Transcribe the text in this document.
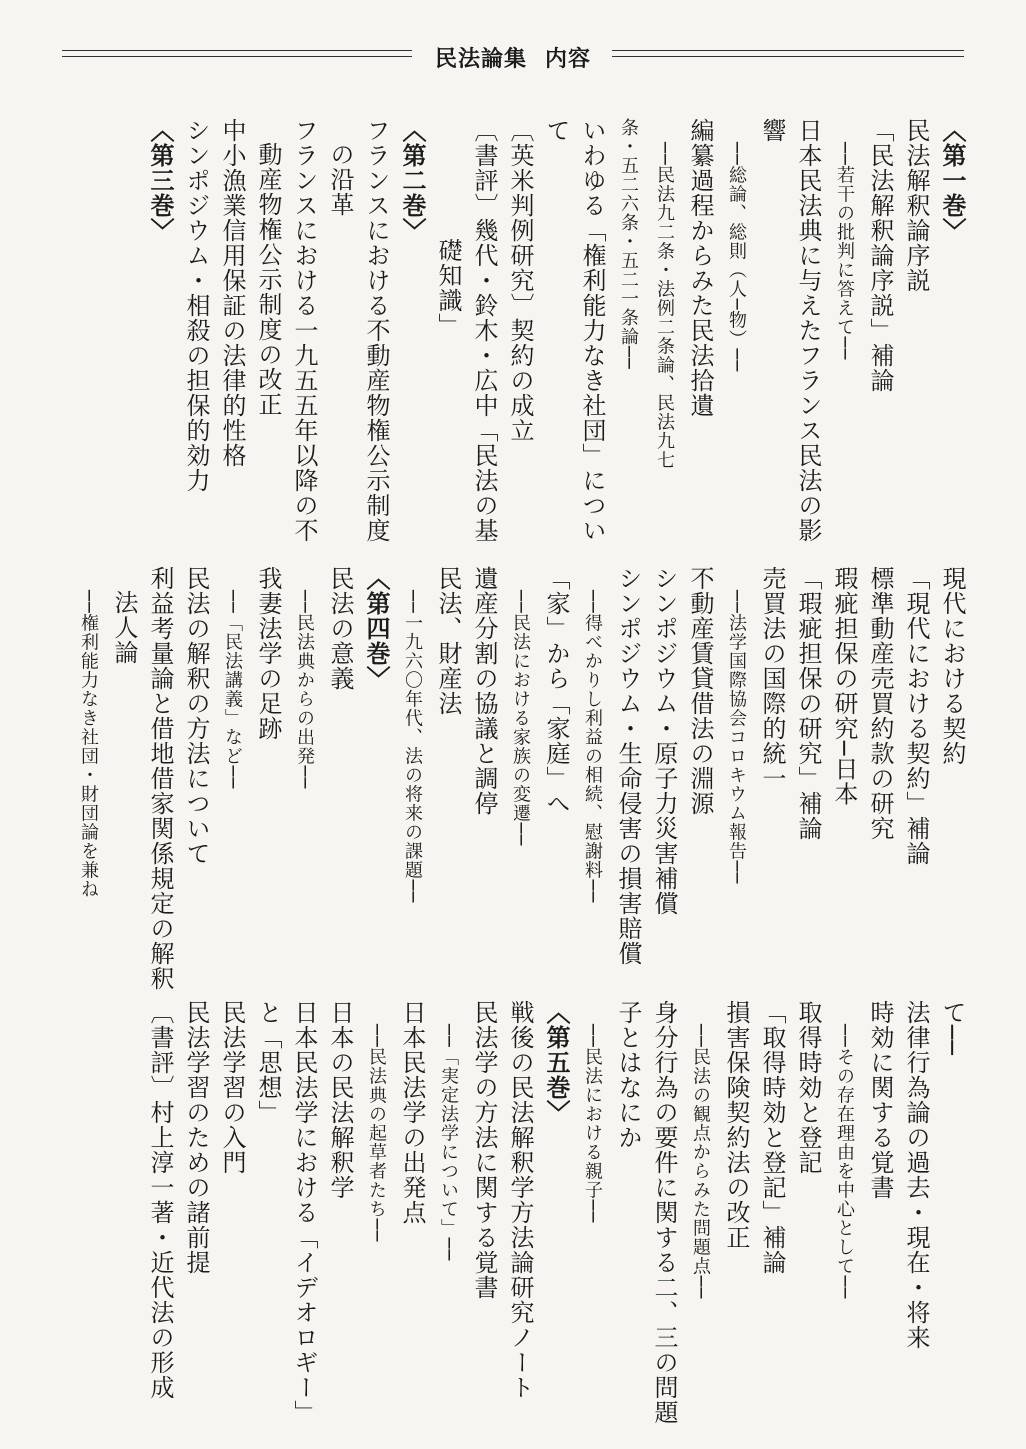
民法論集 内容
〈第一巻〉
民法解釈論序説
「民法解釈論序説」補論
──若干の批判に答えて──
日本民法典に与えたフランス民法の影
響
──総論、総則（人─物）──
編纂過程からみた民法拾遺
──民法九二条・法例二条論、民法九七
条・五二六条・五二一条論──
いわゆる「権利能力なき社団」につい
て
〔英米判例研究〕契約の成立
〔書評〕幾代・鈴木・広中「民法の基
礎知識」
〈第二巻〉
フランスにおける不動産物権公示制度
の沿革
フランスにおける一九五五年以降の不
動産物権公示制度の改正
中小漁業信用保証の法律的性格
シンポジウム・相殺の担保的効力
〈第三巻〉
現代における契約
「現代における契約」補論
標準動産売買約款の研究
瑕疵担保の研究─日本
「瑕疵担保の研究」補論
売買法の国際的統一
──法学国際協会コロキウム報告──
不動産賃貸借法の淵源
シンポジウム・原子力災害補償
シンポジウム・生命侵害の損害賠償
──得べかりし利益の相続、慰謝料──
「家」から「家庭」へ
──民法における家族の変遷──
遺産分割の協議と調停
民法、財産法
──一九六〇年代、法の将来の課題──
〈第四巻〉
民法の意義
──民法典からの出発──
我妻法学の足跡
──「民法講義」など──
民法の解釈の方法について
利益考量論と借地借家関係規定の解釈
法人論
──権利能力なき社団・財団論を兼ね
て──
法律行為論の過去・現在・将来
時効に関する覚書
──その存在理由を中心として──
取得時効と登記
「取得時効と登記」補論
損害保険契約法の改正
──民法の観点からみた問題点──
身分行為の要件に関する二、三の問題
子とはなにか
──民法における親子──
〈第五巻〉
戦後の民法解釈学方法論研究ノート
民法学の方法に関する覚書
──「実定法学について」──
日本民法学の出発点
──民法典の起草者たち──
日本の民法解釈学
日本民法学における「イデオロギー」
と「思想」
民法学習の入門
民法学習のための諸前提
〔書評〕村上淳一著・近代法の形成
